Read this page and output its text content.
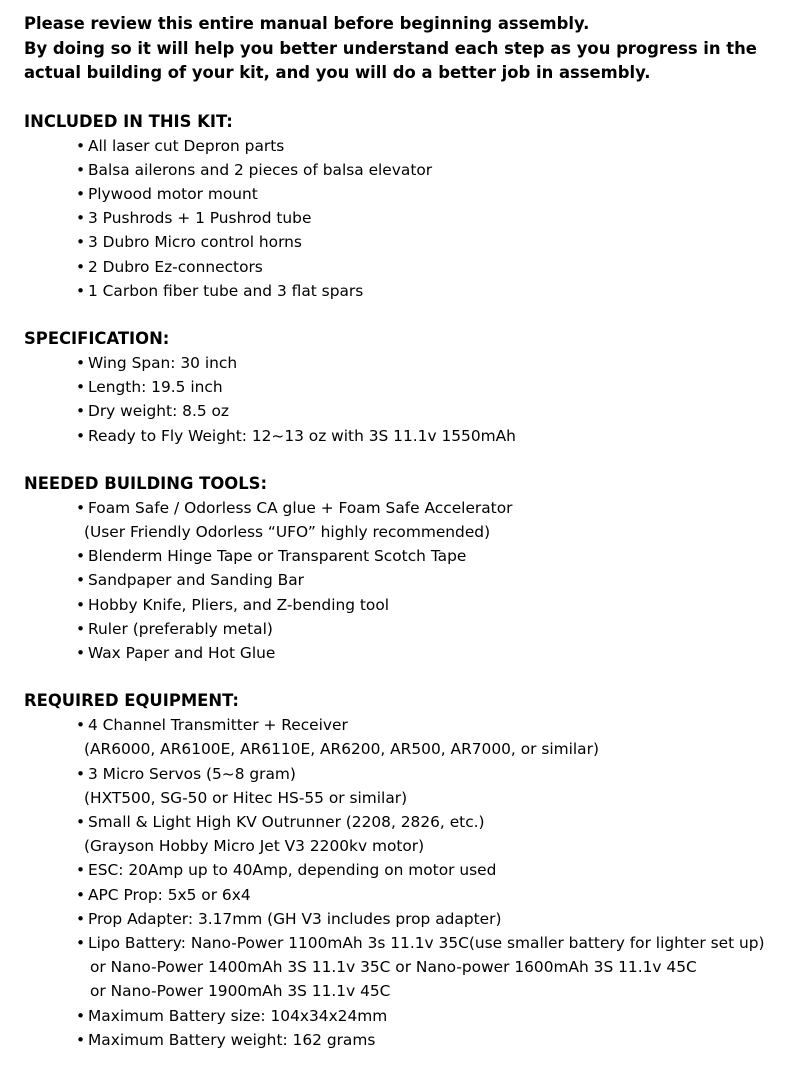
Please review this entire manual before beginning assembly.
By doing so it will help you better understand each step as you progress in the
actual building of your kit, and you will do a better job in assembly.
INCLUDED IN THIS KIT:
• All laser cut Depron parts
• Balsa ailerons and 2 pieces of balsa elevator
• Plywood motor mount
• 3 Pushrods + 1 Pushrod tube
• 3 Dubro Micro control horns
• 2 Dubro Ez-connectors
• 1 Carbon fiber tube and 3 flat spars
SPECIFICATION:
• Wing Span: 30 inch
• Length: 19.5 inch
• Dry weight: 8.5 oz
• Ready to Fly Weight: 12~13 oz with 3S 11.1v 1550mAh
NEEDED BUILDING TOOLS:
• Foam Safe / Odorless CA glue + Foam Safe Accelerator
(User Friendly Odorless “UFO” highly recommended)
• Blenderm Hinge Tape or Transparent Scotch Tape
• Sandpaper and Sanding Bar
• Hobby Knife, Pliers, and Z-bending tool
• Ruler (preferably metal)
• Wax Paper and Hot Glue
REQUIRED EQUIPMENT:
• 4 Channel Transmitter + Receiver
(AR6000, AR6100E, AR6110E, AR6200, AR500, AR7000, or similar)
• 3 Micro Servos (5~8 gram)
(HXT500, SG-50 or Hitec HS-55 or similar)
• Small & Light High KV Outrunner (2208, 2826, etc.)
(Grayson Hobby Micro Jet V3 2200kv motor)
• ESC: 20Amp up to 40Amp, depending on motor used
• APC Prop: 5x5 or 6x4
• Prop Adapter: 3.17mm (GH V3 includes prop adapter)
• Lipo Battery: Nano-Power 1100mAh 3s 11.1v 35C(use smaller battery for lighter set up)
or Nano-Power 1400mAh 3S 11.1v 35C or Nano-power 1600mAh 3S 11.1v 45C
or Nano-Power 1900mAh 3S 11.1v 45C
• Maximum Battery size: 104x34x24mm
• Maximum Battery weight: 162 grams
